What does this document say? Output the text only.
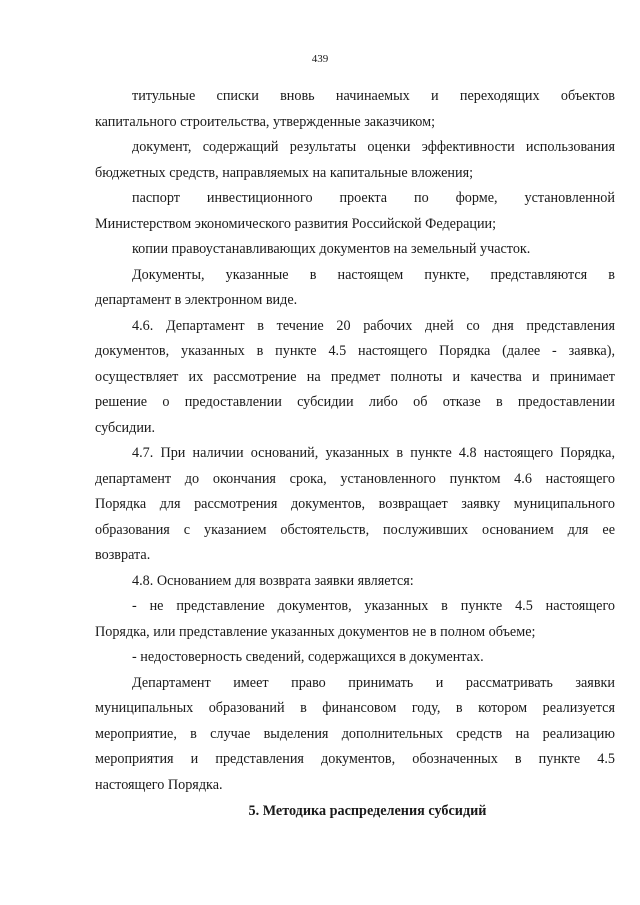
439

титульные списки вновь начинаемых и переходящих объектов
капитального строительства, утвержденные заказчиком;

документ, содержащий результаты оценки эффективности использования
бюджетных средств, направляемых на капитальные вложения;

паспорт инвестиционного проекта по форме, установленной
Министерством экономического развития Российской Федерации;

копии правоустанавливающих документов на земельный участок.

Документы, указанные в настоящем пункте, представляются в
департамент в электронном виде.

4.6. Департамент в течение 20 рабочих дней со дня представления
документов, указанных в пункте 4.5 настоящего Порядка (далее - заявка),
осуществляет их рассмотрение на предмет полноты и качества и принимает
решение о предоставлении субсидии либо об отказе в предоставлении
субсидии.

4.7. При наличии оснований, указанных в пункте 4.8 настоящего Порядка,
департамент до окончания срока, установленного пунктом 4.6 настоящего
Порядка для рассмотрения документов, возвращает заявку муниципального
образования с указанием обстоятельств, послуживших основанием для ее
возврата.

4.8. Основанием для возврата заявки является:

- не представление документов, указанных в пункте 4.5 настоящего
Порядка, или представление указанных документов не в полном объеме;

- недостоверность сведений, содержащихся в документах.

Департамент имеет право принимать и рассматривать заявки
муниципальных образований в финансовом году, в котором реализуется
мероприятие, в случае выделения дополнительных средств на реализацию
мероприятия и представления документов, обозначенных в пункте 4.5
настоящего Порядка.

5. Методика распределения субсидий
